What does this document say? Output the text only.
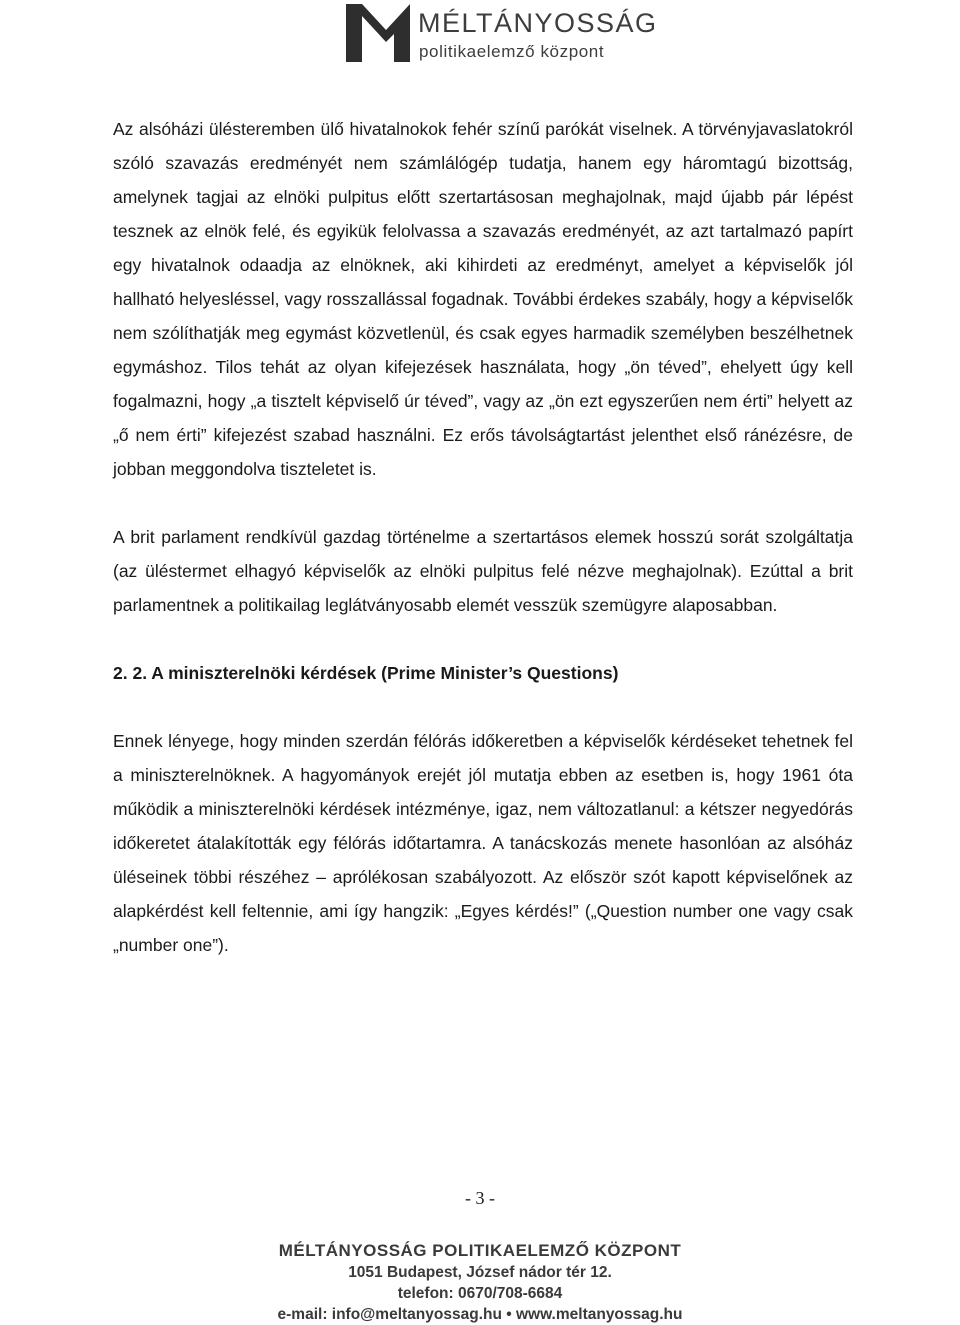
MÉLTÁNYOSSÁG
politikaelemző központ

Az alsóházi ülésteremben ülő hivatalnokok fehér színű parókát viselnek. A törvényjavaslatokról szóló szavazás eredményét nem számlálógép tudatja, hanem egy háromtagú bizottság, amelynek tagjai az elnöki pulpitus előtt szertartásosan meghajolnak, majd újabb pár lépést tesznek az elnök felé, és egyikük felolvassa a szavazás eredményét, az azt tartalmazó papírt egy hivatalnok odaadja az elnöknek, aki kihirdeti az eredményt, amelyet a képviselők jól hallható helyesléssel, vagy rosszallással fogadnak. További érdekes szabály, hogy a képviselők nem szólíthatják meg egymást közvetlenül, és csak egyes harmadik személyben beszélhetnek egymáshoz. Tilos tehát az olyan kifejezések használata, hogy „ön téved”, ehelyett úgy kell fogalmazni, hogy „a tisztelt képviselő úr téved”, vagy az „ön ezt egyszerűen nem érti” helyett az „ő nem érti” kifejezést szabad használni. Ez erős távolságtartást jelenthet első ránézésre, de jobban meggondolva tiszteletet is.

A brit parlament rendkívül gazdag történelme a szertartásos elemek hosszú sorát szolgáltatja (az üléstermet elhagyó képviselők az elnöki pulpitus felé nézve meghajolnak). Ezúttal a brit parlamentnek a politikailag leglátványosabb elemét vesszük szemügyre alaposabban.

2. 2. A miniszterelnöki kérdések (Prime Minister’s Questions)

Ennek lényege, hogy minden szerdán félórás időkeretben a képviselők kérdéseket tehetnek fel a miniszterelnöknek. A hagyományok erejét jól mutatja ebben az esetben is, hogy 1961 óta működik a miniszterelnöki kérdések intézménye, igaz, nem változatlanul: a kétszer negyedórás időkeretet átalakították egy félórás időtartamra. A tanácskozás menete hasonlóan az alsóház üléseinek többi részéhez – aprólékosan szabályozott. Az először szót kapott képviselőnek az alapkérdést kell feltennie, ami így hangzik: „Egyes kérdés!” („Question number one vagy csak „number one”).

- 3 -
MÉLTÁNYOSSÁG POLITIKAELEMZŐ KÖZPONT
1051 Budapest, József nádor tér 12.
telefon: 0670/708-6684
e-mail: info@meltanyossag.hu • www.meltanyossag.hu
